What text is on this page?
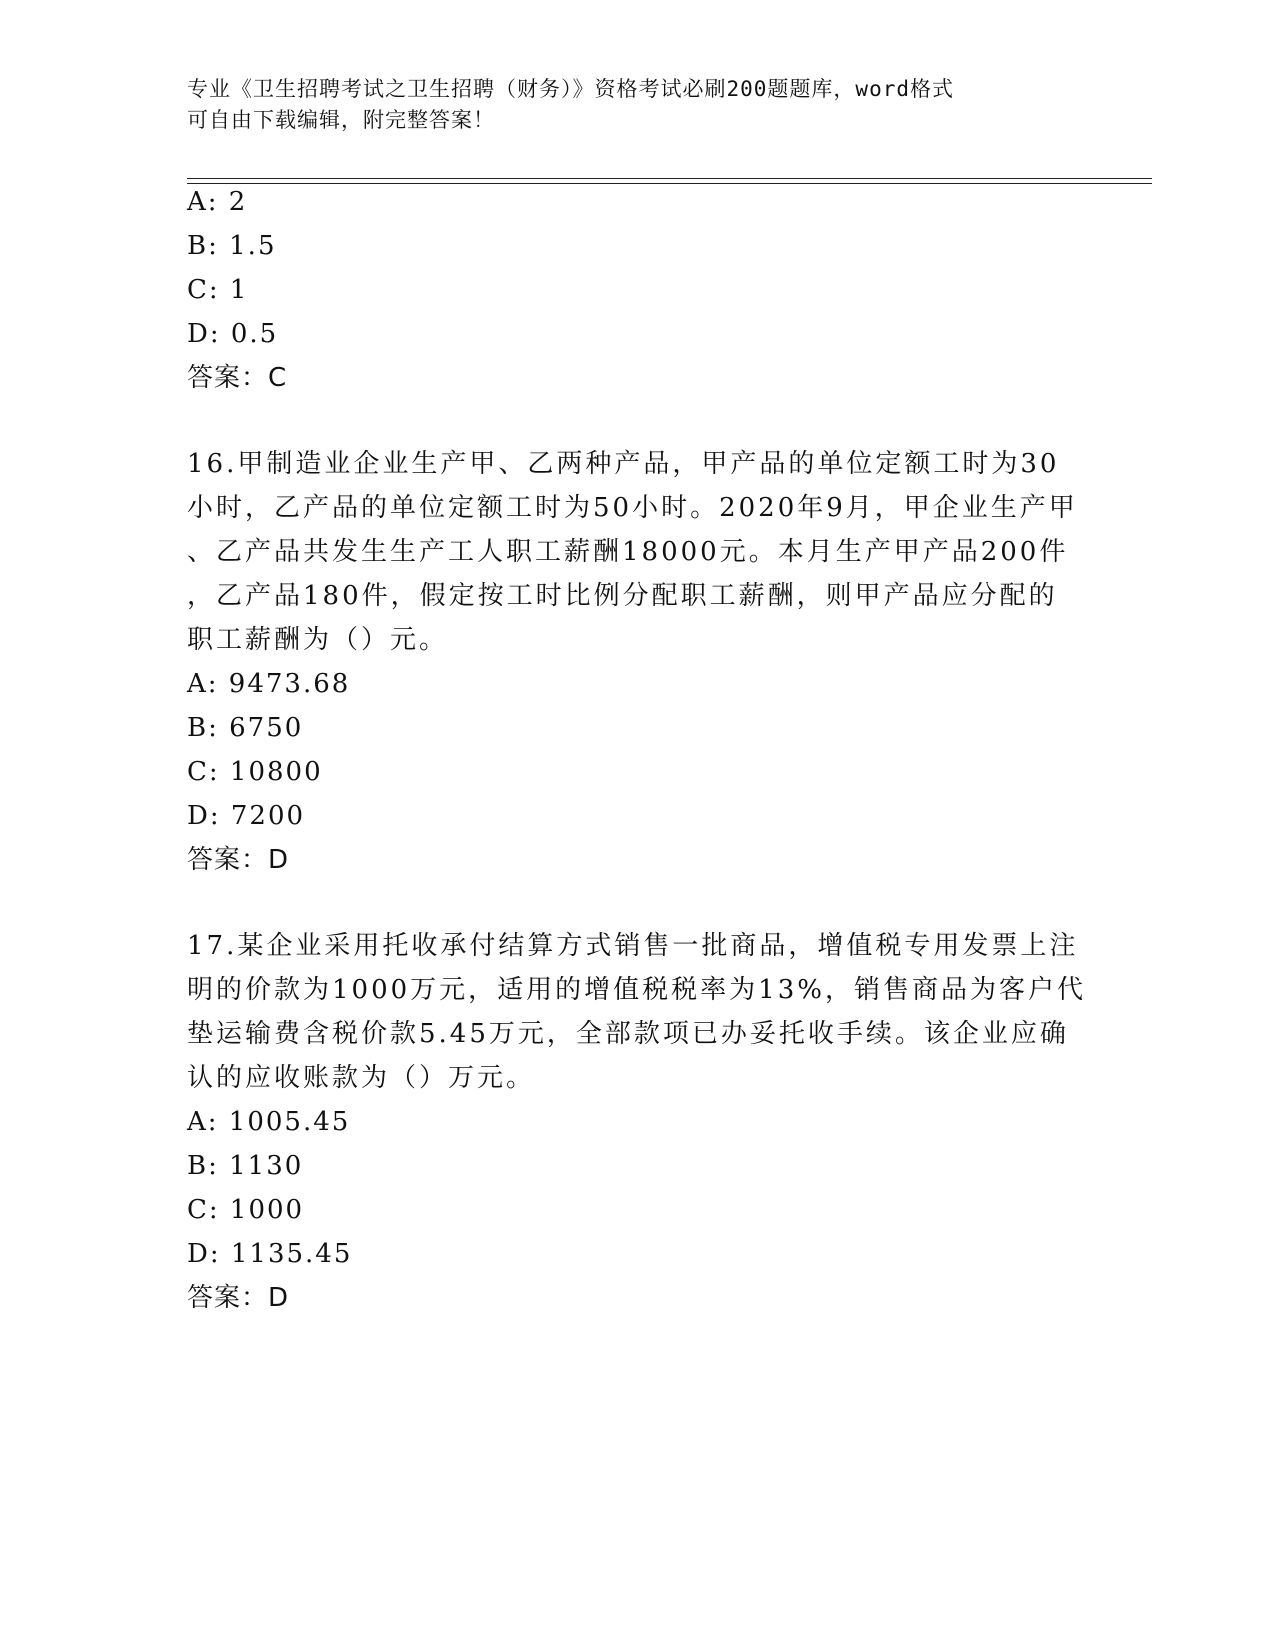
专业《卫生招聘考试之卫生招聘（财务）》资格考试必刷200题题库，word格式
可自由下载编辑，附完整答案！
A: 2
B: 1.5
C: 1
D: 0.5
答案：C
16.甲制造业企业生产甲、乙两种产品，甲产品的单位定额工时为30
小时，乙产品的单位定额工时为50小时。2020年9月，甲企业生产甲
、乙产品共发生生产工人职工薪酬18000元。本月生产甲产品200件
，乙产品180件，假定按工时比例分配职工薪酬，则甲产品应分配的
职工薪酬为（）元。
A: 9473.68
B: 6750
C: 10800
D: 7200
答案：D
17.某企业采用托收承付结算方式销售一批商品，增值税专用发票上注
明的价款为1000万元，适用的增值税税率为13%，销售商品为客户代
垫运输费含税价款5.45万元，全部款项已办妥托收手续。该企业应确
认的应收账款为（）万元。
A: 1005.45
B: 1130
C: 1000
D: 1135.45
答案：D
